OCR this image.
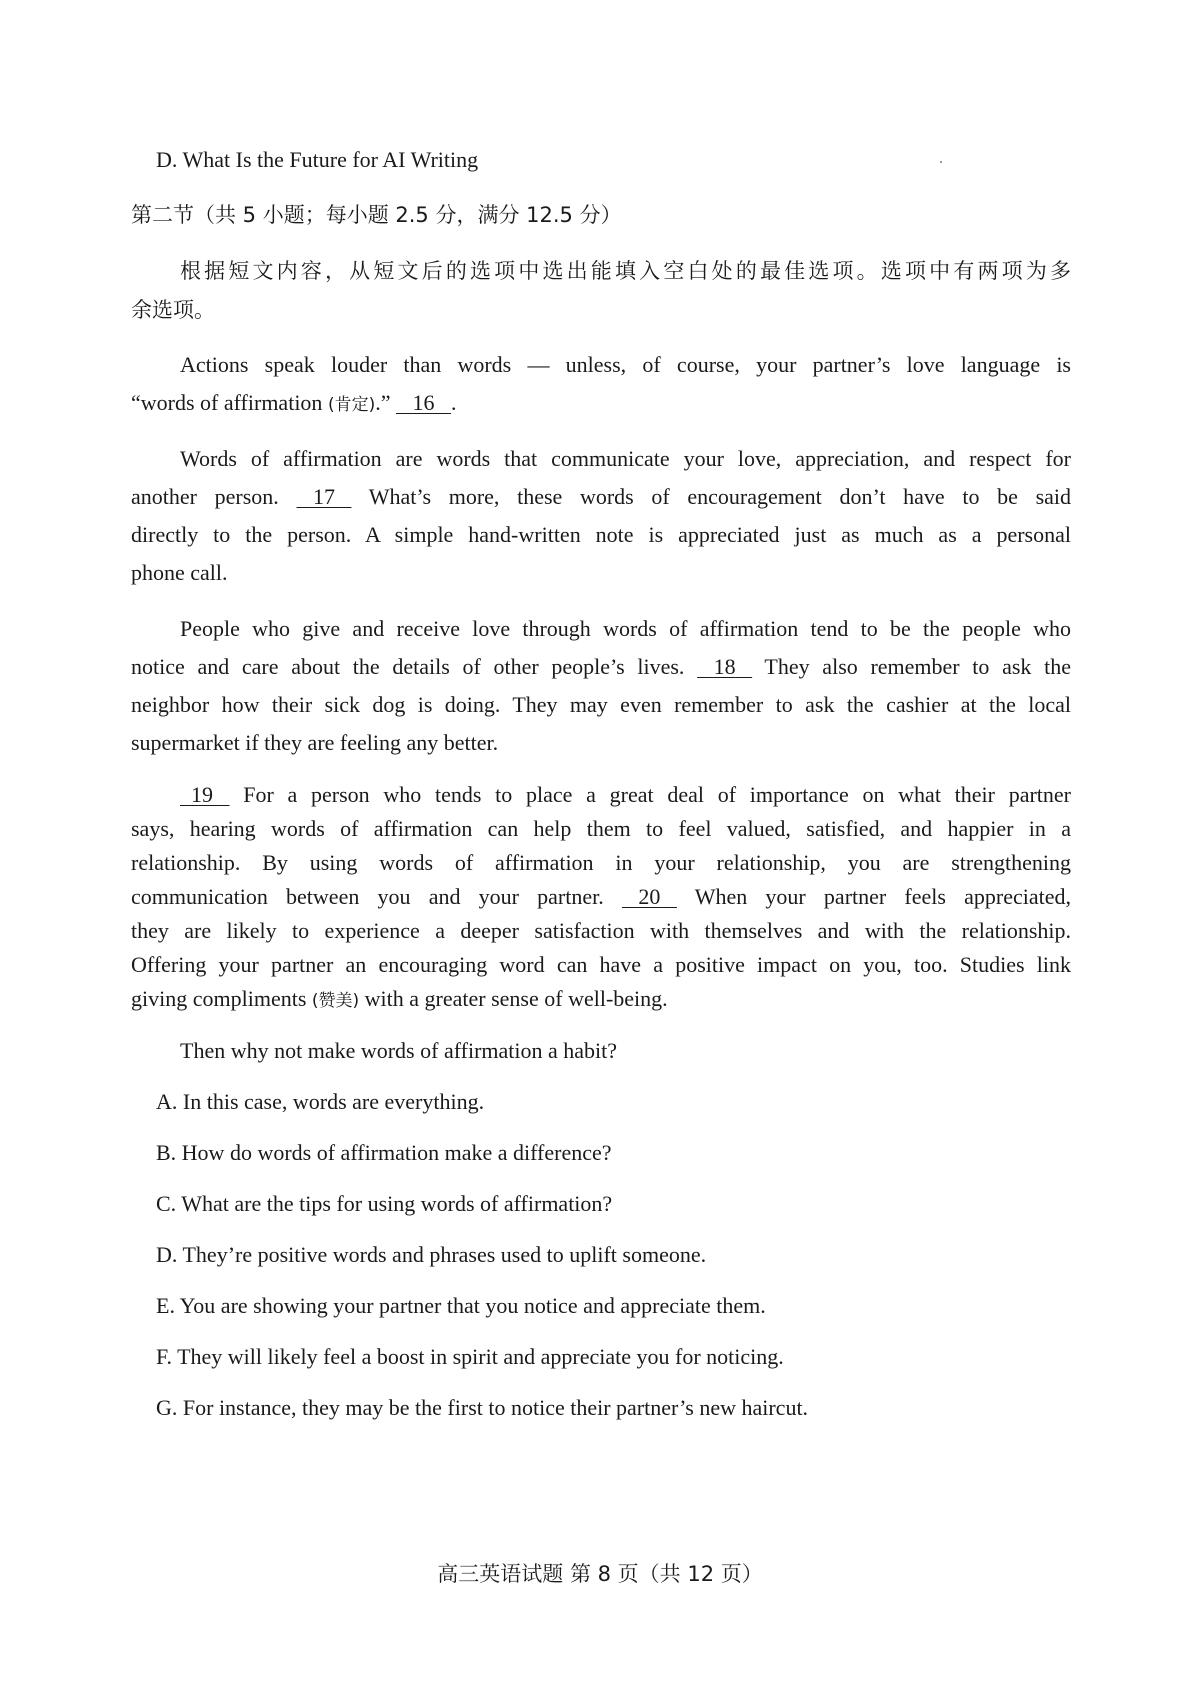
D. What Is the Future for AI Writing
第二节（共 5 小题；每小题 2.5 分，满分 12.5 分）
根据短文内容，从短文后的选项中选出能填入空白处的最佳选项。选项中有两项为多
余选项。
Actions speak louder than words — unless, of course, your partner’s love language is
“words of affirmation (肯定).”    16 .
Words of affirmation are words that communicate your love, appreciation, and respect for
another person.    17    What’s more, these words of encouragement don’t have to be said
directly to the person. A simple hand-written note is appreciated just as much as a personal
phone call.
People who give and receive love through words of affirmation tend to be the people who
notice and care about the details of other people’s lives.    18    They also remember to ask the
neighbor how their sick dog is doing. They may even remember to ask the cashier at the local
supermarket if they are feeling any better.
19    For a person who tends to place a great deal of importance on what their partner
says, hearing words of affirmation can help them to feel valued, satisfied, and happier in a
relationship. By using words of affirmation in your relationship, you are strengthening
communication between you and your partner.    20    When your partner feels appreciated,
they are likely to experience a deeper satisfaction with themselves and with the relationship.
Offering your partner an encouraging word can have a positive impact on you, too. Studies link
giving compliments (赞美) with a greater sense of well-being.
Then why not make words of affirmation a habit?
A. In this case, words are everything.
B. How do words of affirmation make a difference?
C. What are the tips for using words of affirmation?
D. They’re positive words and phrases used to uplift someone.
E. You are showing your partner that you notice and appreciate them.
F. They will likely feel a boost in spirit and appreciate you for noticing.
G. For instance, they may be the first to notice their partner’s new haircut.
高三英语试题 第 8 页（共 12 页）
